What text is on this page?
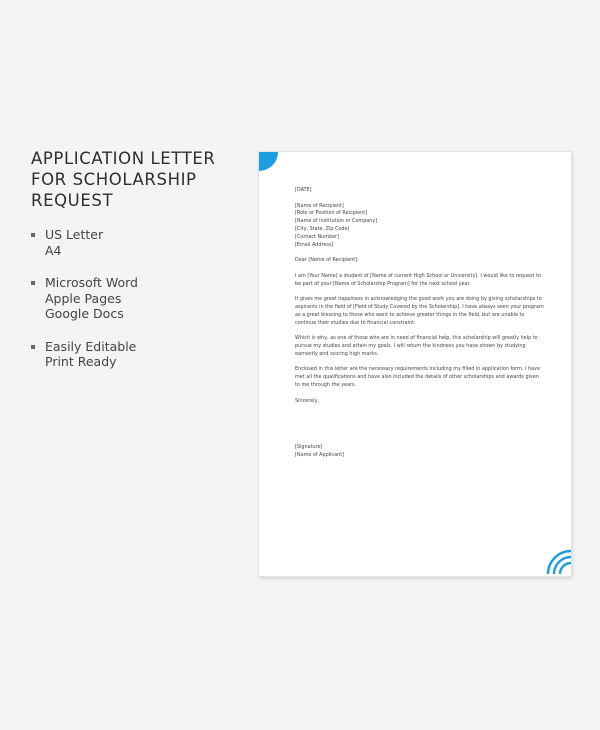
APPLICATION LETTER
FOR SCHOLARSHIP
REQUEST
US Letter
A4
Microsoft Word
Apple Pages
Google Docs
Easily Editable
Print Ready

[DATE]

[Name of Recipient]
[Role or Position of Recipient]
[Name of Institution or Company]
[City, State, Zip Code]
[Contact Number]
[Email Address]

Dear [Name of Recipient]:

I am [Your Name] a student of [Name of current High School or University]. I would like to request to be part of your [Name of Scholarship Program] for the next school year.

It gives me great happiness in acknowledging the good work you are doing by giving scholarships to aspirants in the field of [Field of Study Covered by the Scholarship]. I have always seen your program as a great blessing to those who want to achieve greater things in the field, but are unable to continue their studies due to financial constraint.

Which is why, as one of those who are in need of financial help, this scholarship will greatly help to pursue my studies and attain my goals. I will return the kindness you have shown by studying earnestly and scoring high marks.

Enclosed in this letter are the necessary requirements including my filled in application form. I have met all the qualifications and have also included the details of other scholarships and awards given to me through the years.

Sincerely,

[Signature]

[Name of Applicant]
